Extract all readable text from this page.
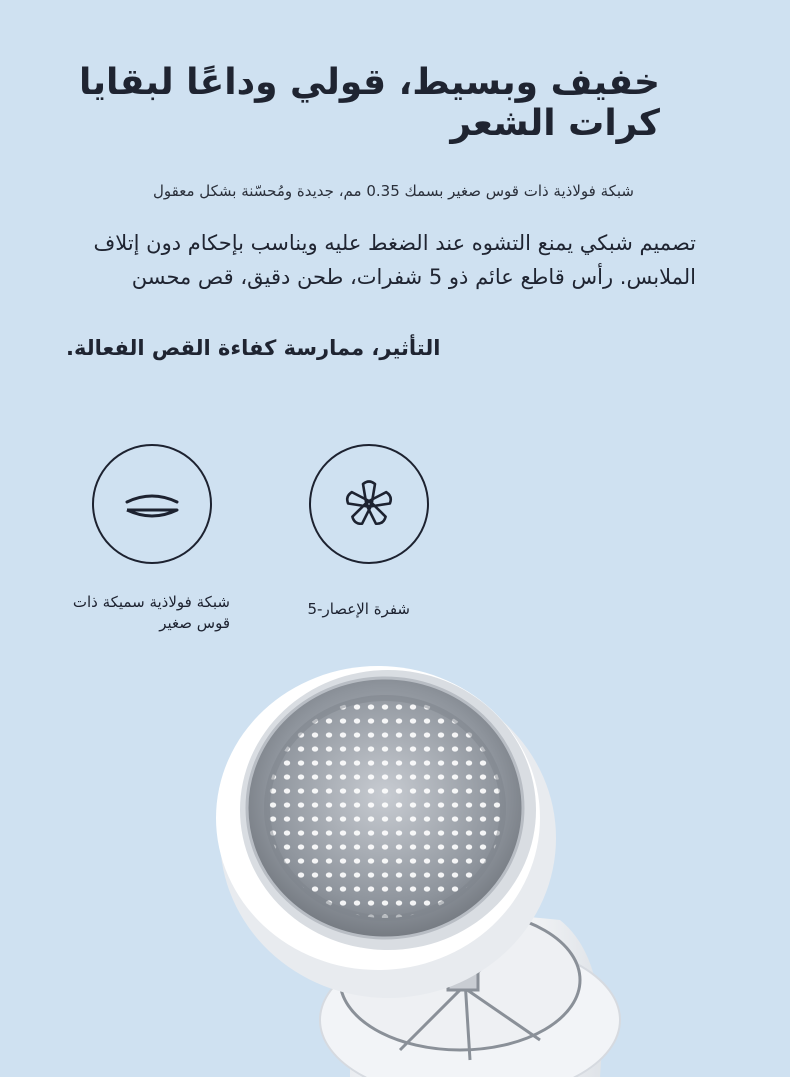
خفيف وبسيط، قولي وداعًا لبقايا كرات الشعر

شبكة فولاذية ذات قوس صغير بسمك 0.35 مم، جديدة ومُحسّنة بشكل معقول

تصميم شبكي يمنع التشوه عند الضغط عليه ويناسب بإحكام دون إتلاف الملابس. رأس قاطع عائم ذو 5 شفرات، طحن دقيق، قص محسن

التأثير، ممارسة كفاءة القص الفعالة.

شبكة فولاذية سميكة ذات قوس صغير

شفرة الإعصار-5
